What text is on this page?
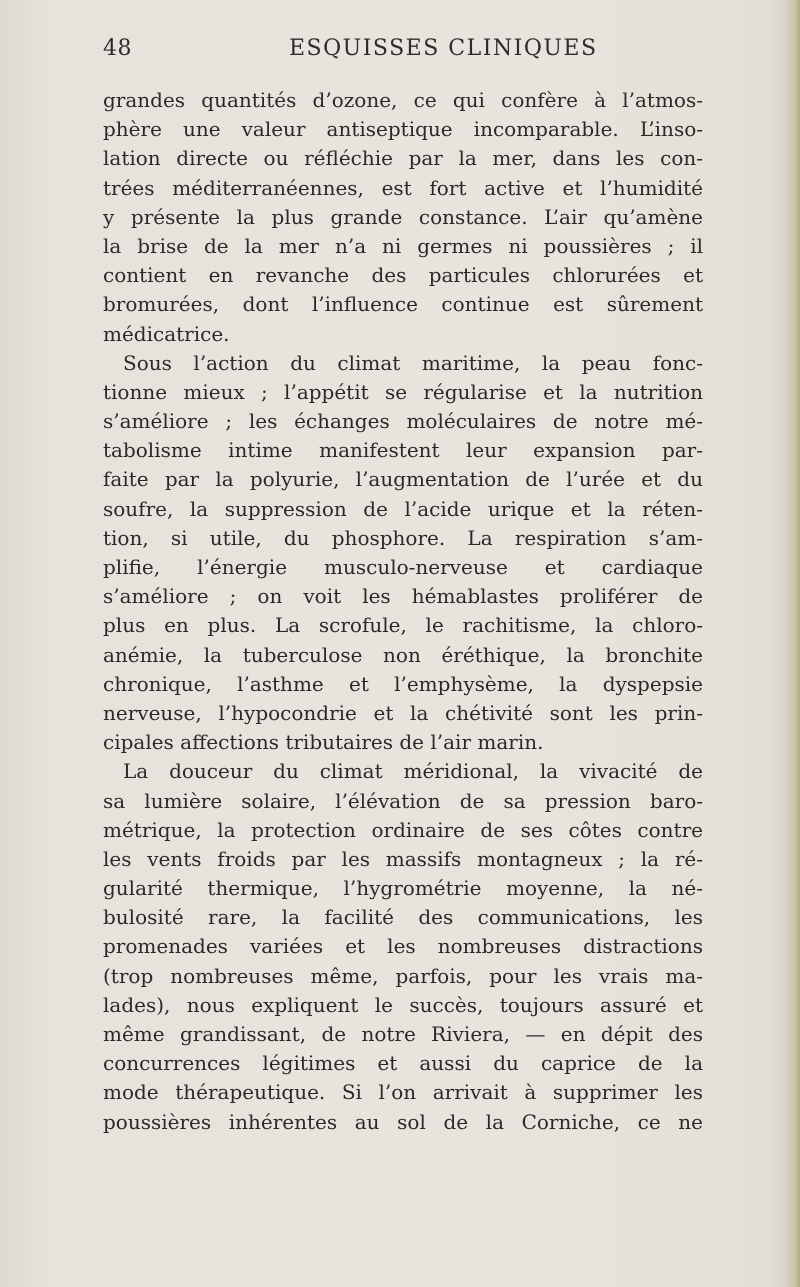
48	ESQUISSES CLINIQUES
grandes quantités d’ozone, ce qui confère à l’atmos-
phère une valeur antiseptique incomparable. L’inso-
lation directe ou réfléchie par la mer, dans les con-
trées méditerranéennes, est fort active et l’humidité
y présente la plus grande constance. L’air qu’amène
la brise de la mer n’a ni germes ni poussières ; il
contient en revanche des particules chlorurées et
bromurées, dont l’influence continue est sûrement
médicatrice.
Sous l’action du climat maritime, la peau fonc-
tionne mieux ; l’appétit se régularise et la nutrition
s’améliore ; les échanges moléculaires de notre mé-
tabolisme intime manifestent leur expansion par-
faite par la polyurie, l’augmentation de l’urée et du
soufre, la suppression de l’acide urique et la réten-
tion, si utile, du phosphore. La respiration s’am-
plifie, l’énergie musculo-nerveuse et cardiaque
s’améliore ; on voit les hémablastes proliférer de
plus en plus. La scrofule, le rachitisme, la chloro-
anémie, la tuberculose non éréthique, la bronchite
chronique, l’asthme et l’emphysème, la dyspepsie
nerveuse, l’hypocondrie et la chétivité sont les prin-
cipales affections tributaires de l’air marin.
La douceur du climat méridional, la vivacité de
sa lumière solaire, l’élévation de sa pression baro-
métrique, la protection ordinaire de ses côtes contre
les vents froids par les massifs montagneux ; la ré-
gularité thermique, l’hygrométrie moyenne, la né-
bulosité rare, la facilité des communications, les
promenades variées et les nombreuses distractions
(trop nombreuses même, parfois, pour les vrais ma-
lades), nous expliquent le succès, toujours assuré et
même grandissant, de notre Riviera, — en dépit des
concurrences légitimes et aussi du caprice de la
mode thérapeutique. Si l’on arrivait à supprimer les
poussières inhérentes au sol de la Corniche, ce ne
